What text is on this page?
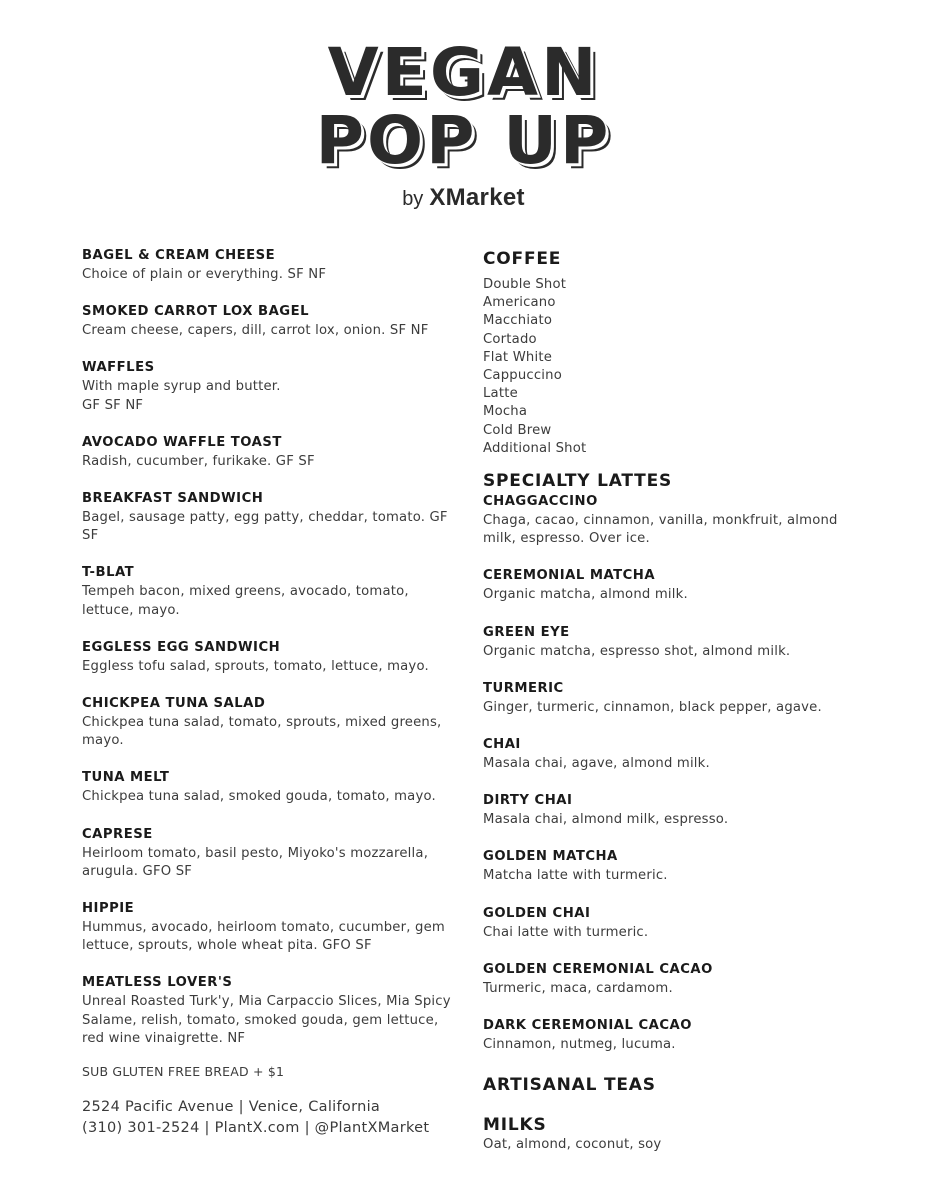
VEGAN
POP UP
by XMarket
BAGEL & CREAM CHEESE
Choice of plain or everything. SF NF
SMOKED CARROT LOX BAGEL
Cream cheese, capers, dill, carrot lox, onion. SF NF
WAFFLES
With maple syrup and butter.
GF SF NF
AVOCADO WAFFLE TOAST
Radish, cucumber, furikake. GF SF
BREAKFAST SANDWICH
Bagel, sausage patty, egg patty, cheddar, tomato. GF SF
T-BLAT
Tempeh bacon, mixed greens, avocado, tomato, lettuce, mayo.
EGGLESS EGG SANDWICH
Eggless tofu salad, sprouts, tomato, lettuce, mayo.
CHICKPEA TUNA SALAD
Chickpea tuna salad, tomato, sprouts, mixed greens, mayo.
TUNA MELT
Chickpea tuna salad, smoked gouda, tomato, mayo.
CAPRESE
Heirloom tomato, basil pesto, Miyoko's mozzarella, arugula. GFO SF
HIPPIE
Hummus, avocado, heirloom tomato, cucumber, gem lettuce, sprouts, whole wheat pita. GFO SF
MEATLESS LOVER'S
Unreal Roasted Turk'y, Mia Carpaccio Slices, Mia Spicy Salame, relish, tomato, smoked gouda, gem lettuce, red wine vinaigrette. NF
SUB GLUTEN FREE BREAD + $1
2524 Pacific Avenue | Venice, California
(310) 301-2524 | PlantX.com | @PlantXMarket
COFFEE
Double Shot
Americano
Macchiato
Cortado
Flat White
Cappuccino
Latte
Mocha
Cold Brew
Additional Shot
SPECIALTY LATTES
CHAGGACCINO
Chaga, cacao, cinnamon, vanilla, monkfruit, almond milk, espresso. Over ice.
CEREMONIAL MATCHA
Organic matcha, almond milk.
GREEN EYE
Organic matcha, espresso shot, almond milk.
TURMERIC
Ginger, turmeric, cinnamon, black pepper, agave.
CHAI
Masala chai, agave, almond milk.
DIRTY CHAI
Masala chai, almond milk, espresso.
GOLDEN MATCHA
Matcha latte with turmeric.
GOLDEN CHAI
Chai latte with turmeric.
GOLDEN CEREMONIAL CACAO
Turmeric, maca, cardamom.
DARK CEREMONIAL CACAO
Cinnamon, nutmeg, lucuma.
ARTISANAL TEAS
MILKS
Oat, almond, coconut, soy
